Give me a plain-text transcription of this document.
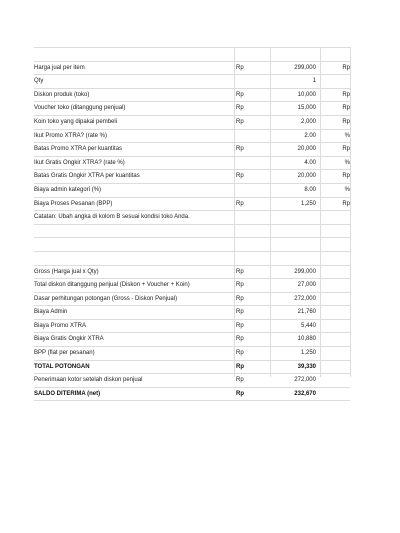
Harga jual per item	Rp	299,000	Rp
Qty	1
Diskon produk (toko)	Rp	10,000	Rp
Voucher toko (ditanggung penjual)	Rp	15,000	Rp
Koin toko yang dipakai pembeli	Rp	2,000	Rp
Ikut Promo XTRA? (rate %)	2.00	%
Batas Promo XTRA per kuantitas	Rp	20,000	Rp
Ikut Gratis Ongkir XTRA? (rate %)	4.00	%
Batas Gratis Ongkir XTRA per kuantitas	Rp	20,000	Rp
Biaya admin kategori (%)	8.00	%
Biaya Proses Pesanan (BPP)	Rp	1,250	Rp
Catatan: Ubah angka di kolom B sesuai kondisi toko Anda.
Gross (Harga jual x Qty)	Rp	299,000
Total diskon ditanggung penjual (Diskon + Voucher + Koin)	Rp	27,000
Dasar perhitungan potongan (Gross - Diskon Penjual)	Rp	272,000
Biaya Admin	Rp	21,760
Biaya Promo XTRA	Rp	5,440
Biaya Gratis Ongkir XTRA	Rp	10,880
BPP (flat per pesanan)	Rp	1,250
TOTAL POTONGAN	Rp	39,330
Penerimaan kotor setelah diskon penjual	Rp	272,000
SALDO DITERIMA (net)	Rp	232,670
